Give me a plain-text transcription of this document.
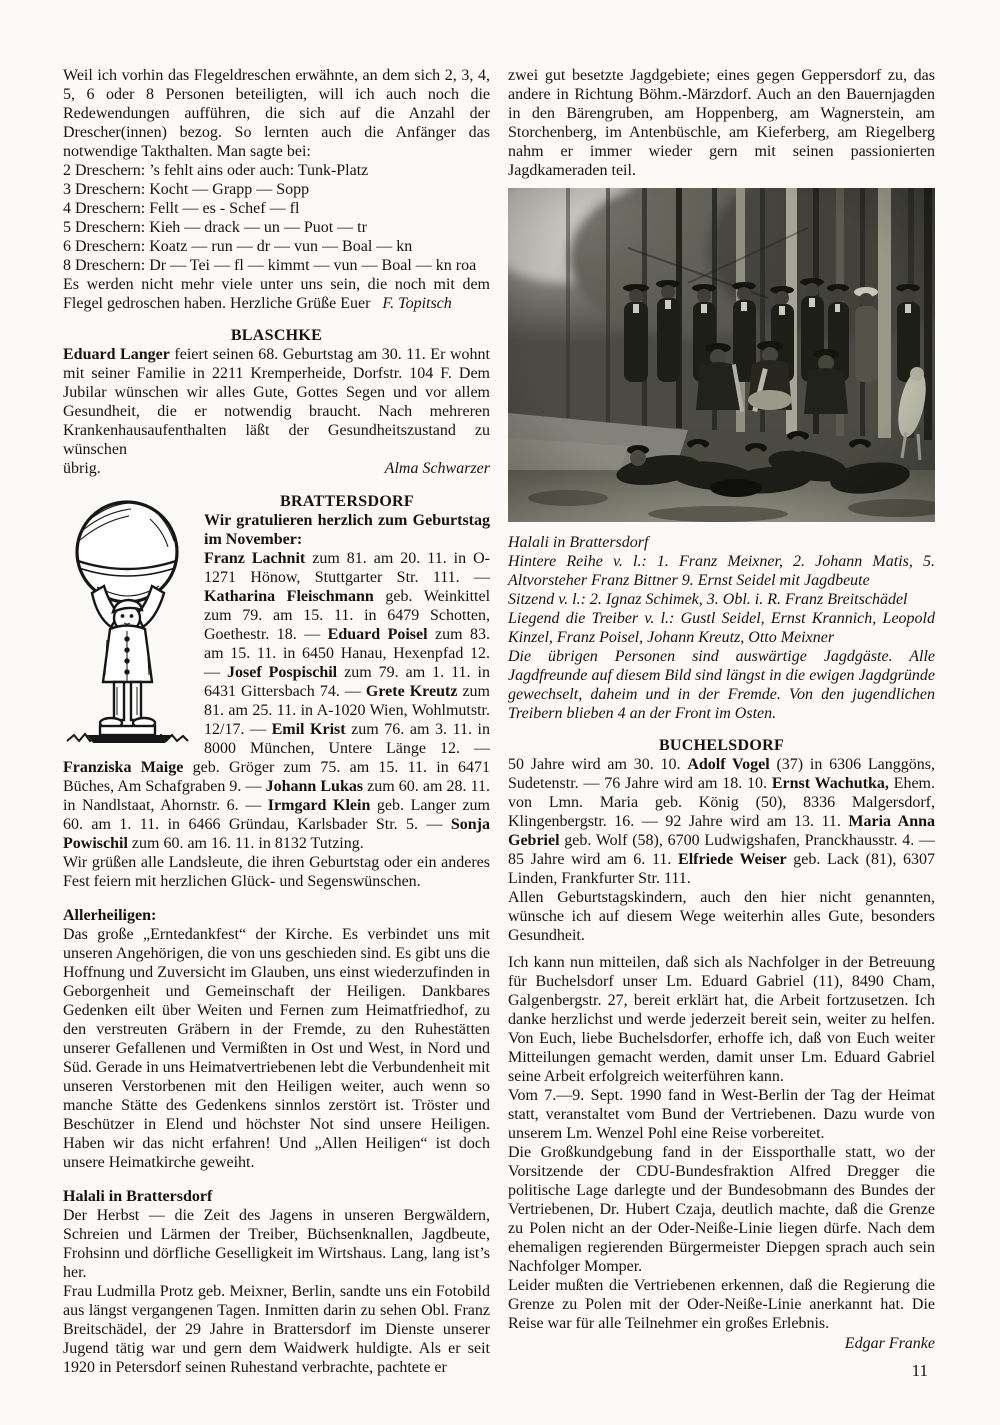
Weil ich vorhin das Flegeldreschen erwähnte, an dem sich 2, 3, 4, 5, 6 oder 8 Personen beteiligten, will ich auch noch die Redewendungen aufführen, die sich auf die Anzahl der Drescher(innen) bezog. So lernten auch die Anfänger das notwendige Takthalten. Man sagte bei:

2 Dreschern: ’s fehlt ains oder auch: Tunk-Platz

3 Dreschern: Kocht — Grapp — Sopp

4 Dreschern: Fellt — es - Schef — fl

5 Dreschern: Kieh — drack — un — Puot — tr

6 Dreschern: Koatz — run — dr — vun — Boal — kn

8 Dreschern: Dr — Tei — fl — kimmt — vun — Boal — kn roa

Es werden nicht mehr viele unter uns sein, die noch mit dem Flegel gedroschen haben. Herzliche Grüße Euer  F. Topitsch

BLASCHKE

Eduard Langer feiert seinen 68. Geburtstag am 30. 11. Er wohnt mit seiner Familie in 2211 Kremperheide, Dorfstr. 104 F. Dem Jubilar wünschen wir alles Gute, Gottes Segen und vor allem Gesundheit, die er notwendig braucht. Nach mehreren Krankenhausaufenthalten läßt der Gesundheitszustand zu wünschen

übrig.	Alma Schwarzer

BRATTERSDORF

Wir gratulieren herzlich zum Geburtstag im November:

Franz Lachnit zum 81. am 20. 11. in O-1271 Hönow, Stuttgarter Str. 111. — Katharina Fleischmann geb. Weinkittel zum 79. am 15. 11. in 6479 Schotten, Goethestr. 18. — Eduard Poisel zum 83. am 15. 11. in 6450 Hanau, Hexenpfad 12. — Josef Pospischil zum 79. am 1. 11. in 6431 Gittersbach 74. — Grete Kreutz zum 81. am 25. 11. in A-1020 Wien, Wohlmutstr. 12/17. — Emil Krist zum 76. am 3. 11. in 8000 München, Untere Länge 12. — Franziska Maige geb. Gröger zum 75. am 15. 11. in 6471 Büches, Am Schafgraben 9. — Johann Lukas zum 60. am 28. 11. in Nandlstaat, Ahornstr. 6. — Irmgard Klein geb. Langer zum 60. am 1. 11. in 6466 Gründau, Karlsbader Str. 5. — Sonja Powischil zum 60. am 16. 11. in 8132 Tutzing.

Wir grüßen alle Landsleute, die ihren Geburtstag oder ein anderes Fest feiern mit herzlichen Glück- und Segenswünschen.

Allerheiligen:

Das große „Erntedankfest“ der Kirche. Es verbindet uns mit unseren Angehörigen, die von uns geschieden sind. Es gibt uns die Hoffnung und Zuversicht im Glauben, uns einst wiederzufinden in Geborgenheit und Gemeinschaft der Heiligen. Dankbares Gedenken eilt über Weiten und Fernen zum Heimatfriedhof, zu den verstreuten Gräbern in der Fremde, zu den Ruhestätten unserer Gefallenen und Vermißten in Ost und West, in Nord und Süd. Gerade in uns Heimatvertriebenen lebt die Verbundenheit mit unseren Verstorbenen mit den Heiligen weiter, auch wenn so manche Stätte des Gedenkens sinnlos zerstört ist. Tröster und Beschützer in Elend und höchster Not sind unsere Heiligen. Haben wir das nicht erfahren! Und „Allen Heiligen“ ist doch unsere Heimatkirche geweiht.

Halali in Brattersdorf

Der Herbst — die Zeit des Jagens in unseren Bergwäldern, Schreien und Lärmen der Treiber, Büchsenknallen, Jagdbeute, Frohsinn und dörfliche Geselligkeit im Wirtshaus. Lang, lang ist’s her.

Frau Ludmilla Protz geb. Meixner, Berlin, sandte uns ein Fotobild aus längst vergangenen Tagen. Inmitten darin zu sehen Obl. Franz Breitschädel, der 29 Jahre in Brattersdorf im Dienste unserer Jugend tätig war und gern dem Waidwerk huldigte. Als er seit 1920 in Petersdorf seinen Ruhestand verbrachte, pachtete er

zwei gut besetzte Jagdgebiete; eines gegen Geppersdorf zu, das andere in Richtung Böhm.-Märzdorf. Auch an den Bauernjagden in den Bärengruben, am Hoppenberg, am Wagnerstein, am Storchenberg, im Antenbüschle, am Kieferberg, am Riegelberg nahm er immer wieder gern mit seinen passionierten Jagdkameraden teil.

Halali in Brattersdorf

Hintere Reihe v. l.: 1. Franz Meixner, 2. Johann Matis, 5. Altvorsteher Franz Bittner 9. Ernst Seidel mit Jagdbeute

Sitzend v. l.: 2. Ignaz Schimek, 3. Obl. i. R. Franz Breitschädel

Liegend die Treiber v. l.: Gustl Seidel, Ernst Krannich, Leopold Kinzel, Franz Poisel, Johann Kreutz, Otto Meixner

Die übrigen Personen sind auswärtige Jagdgäste. Alle Jagdfreunde auf diesem Bild sind längst in die ewigen Jagdgründe gewechselt, daheim und in der Fremde. Von den jugendlichen Treibern blieben 4 an der Front im Osten.

BUCHELSDORF

50 Jahre wird am 30. 10. Adolf Vogel (37) in 6306 Langgöns, Sudetenstr. — 76 Jahre wird am 18. 10. Ernst Wachutka, Ehem. von Lmn. Maria geb. König (50), 8336 Malgersdorf, Klingenbergstr. 16. — 92 Jahre wird am 13. 11. Maria Anna Gebriel geb. Wolf (58), 6700 Ludwigshafen, Pranckhausstr. 4. — 85 Jahre wird am 6. 11. Elfriede Weiser geb. Lack (81), 6307 Linden, Frankfurter Str. 111.

Allen Geburtstagskindern, auch den hier nicht genannten, wünsche ich auf diesem Wege weiterhin alles Gute, besonders Gesundheit.

Ich kann nun mitteilen, daß sich als Nachfolger in der Betreuung für Buchelsdorf unser Lm. Eduard Gabriel (11), 8490 Cham, Galgenbergstr. 27, bereit erklärt hat, die Arbeit fortzusetzen. Ich danke herzlichst und werde jederzeit bereit sein, weiter zu helfen. Von Euch, liebe Buchelsdorfer, erhoffe ich, daß von Euch weiter Mitteilungen gemacht werden, damit unser Lm. Eduard Gabriel seine Arbeit erfolgreich weiterführen kann.

Vom 7.—9. Sept. 1990 fand in West-Berlin der Tag der Heimat statt, veranstaltet vom Bund der Vertriebenen. Dazu wurde von unserem Lm. Wenzel Pohl eine Reise vorbereitet.

Die Großkundgebung fand in der Eissporthalle statt, wo der Vorsitzende der CDU-Bundesfraktion Alfred Dregger die politische Lage darlegte und der Bundesobmann des Bundes der Vertriebenen, Dr. Hubert Czaja, deutlich machte, daß die Grenze zu Polen nicht an der Oder-Neiße-Linie liegen dürfe. Nach dem ehemaligen regierenden Bürgermeister Diepgen sprach auch sein Nachfolger Momper.

Leider mußten die Vertriebenen erkennen, daß die Regierung die Grenze zu Polen mit der Oder-Neiße-Linie anerkannt hat. Die Reise war für alle Teilnehmer ein großes Erlebnis.

Edgar Franke

11
